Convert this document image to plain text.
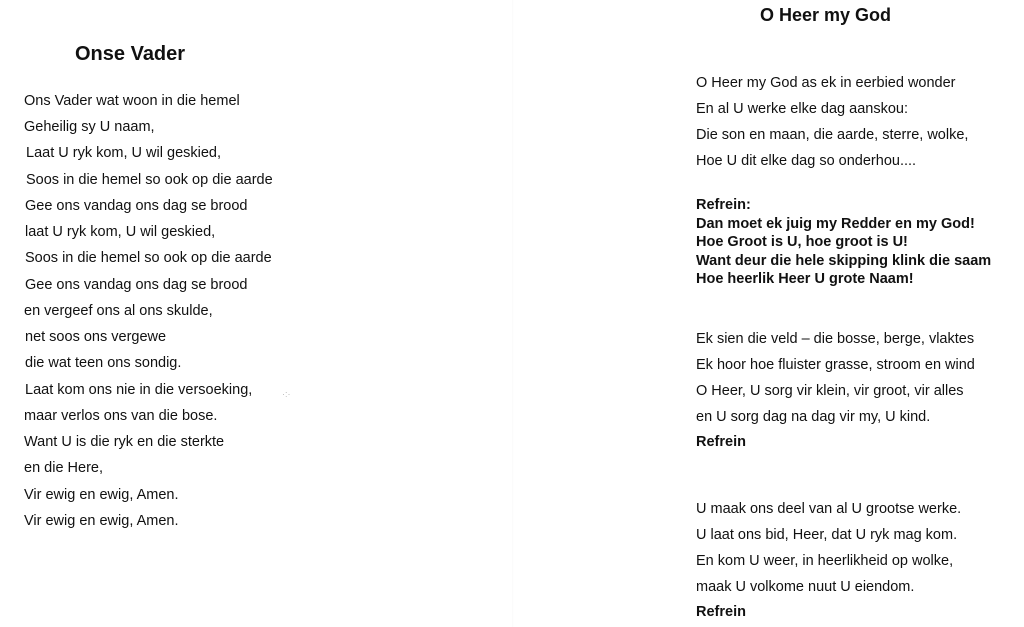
Onse Vader
Ons Vader wat woon in die hemel
Geheilig sy U naam,
Laat U ryk kom, U wil geskied,
Soos in die hemel so ook op die aarde
Gee ons vandag ons dag se brood
laat U ryk kom, U wil geskied,
Soos in die hemel so ook op die aarde
Gee ons vandag ons dag se brood
en vergeef ons al ons skulde,
net soos ons vergewe
die wat teen ons sondig.
Laat kom ons nie in die versoeking,
maar verlos ons van die bose.
Want U is die ryk en die sterkte
en die Here,
Vir ewig en ewig, Amen.
Vir ewig en ewig, Amen.
·:·
O Heer my God
O Heer my God as ek in eerbied wonder
En al U werke elke dag aanskou:
Die son en maan, die aarde, sterre, wolke,
Hoe U dit elke dag so onderhou....
Refrein:
Dan moet ek juig my Redder en my God!
Hoe Groot is U, hoe groot is U!
Want deur die hele skipping klink die saam
Hoe heerlik Heer U grote Naam!
Ek sien die veld – die bosse, berge, vlaktes
Ek hoor hoe fluister grasse, stroom en wind
O Heer, U sorg vir klein, vir groot, vir alles
en U sorg dag na dag vir my, U kind.
Refrein
U maak ons deel van al U grootse werke.
U laat ons bid, Heer, dat U ryk mag kom.
En kom U weer, in heerlikheid op wolke,
maak U volkome nuut U eiendom.
Refrein
